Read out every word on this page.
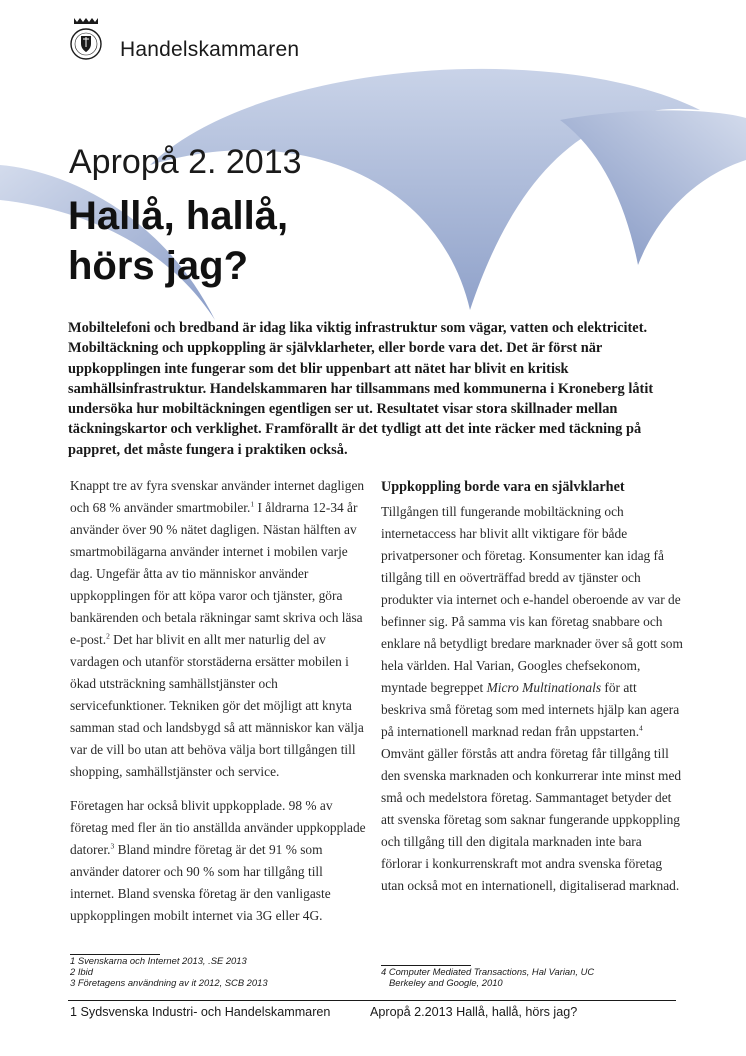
Handelskammaren
Apropå 2. 2013
Hallå, hallå,
hörs jag?

Mobiltelefoni och bredband är idag lika viktig infrastruktur som vägar, vatten och elektricitet. Mobiltäckning och uppkoppling är självklarheter, eller borde vara det. Det är först när uppkopplingen inte fungerar som det blir uppenbart att nätet har blivit en kritisk samhällsinfrastruktur. Handelskammaren har tillsammans med kommunerna i Kroneberg låtit undersöka hur mobiltäckningen egentligen ser ut. Resultatet visar stora skillnader mellan täckningskartor och verklighet. Framförallt är det tydligt att det inte räcker med täckning på pappret, det måste fungera i praktiken också.

Knappt tre av fyra svenskar använder internet dagligen och 68 % använder smartmobiler.$^1$ I åldrarna 12-34 år använder över 90 % nätet dagligen. Nästan hälften av smartmobilägarna använder internet i mobilen varje dag. Ungefär åtta av tio människor använder uppkopplingen för att köpa varor och tjänster, göra bankärenden och betala räkningar samt skriva och läsa e-post.$^2$ Det har blivit en allt mer naturlig del av vardagen och utanför storstäderna ersätter mobilen i ökad utsträckning samhällstjänster och servicefunktioner. Tekniken gör det möjligt att knyta samman stad och landsbygd så att människor kan välja var de vill bo utan att behöva välja bort tillgången till shopping, samhällstjänster och service.

Företagen har också blivit uppkopplade. 98 % av företag med fler än tio anställda använder uppkopplade datorer.$^3$ Bland mindre företag är det 91 % som använder datorer och 90 % som har tillgång till internet. Bland svenska företag är den vanligaste uppkopplingen mobilt internet via 3G eller 4G.

Uppkoppling borde vara en självklarhet

Tillgången till fungerande mobiltäckning och internetaccess har blivit allt viktigare för både privatpersoner och företag. Konsumenter kan idag få tillgång till en oöverträffad bredd av tjänster och produkter via internet och e-handel oberoende av var de befinner sig. På samma vis kan företag snabbare och enklare nå betydligt bredare marknader över så gott som hela världen. Hal Varian, Googles chefsekonom, myntade begreppet Micro Multinationals för att beskriva små företag som med internets hjälp kan agera på internationell marknad redan från uppstarten.$^4$ Omvänt gäller förstås att andra företag får tillgång till den svenska marknaden och konkurrerar inte minst med små och medelstora företag. Sammantaget betyder det att svenska företag som saknar fungerande uppkoppling och tillgång till den digitala marknaden inte bara förlorar i konkurrenskraft mot andra svenska företag utan också mot en internationell, digitaliserad marknad.

1 Svenskarna och Internet 2013, .SE 2013

2 Ibid

3 Företagens användning av it 2012, SCB 2013

4 Computer Mediated Transactions, Hal Varian, UC

Berkeley and Google, 2010

1 Sydsvenska Industri- och Handelskammaren	Apropå 2.2013 Hallå, hallå, hörs jag?
